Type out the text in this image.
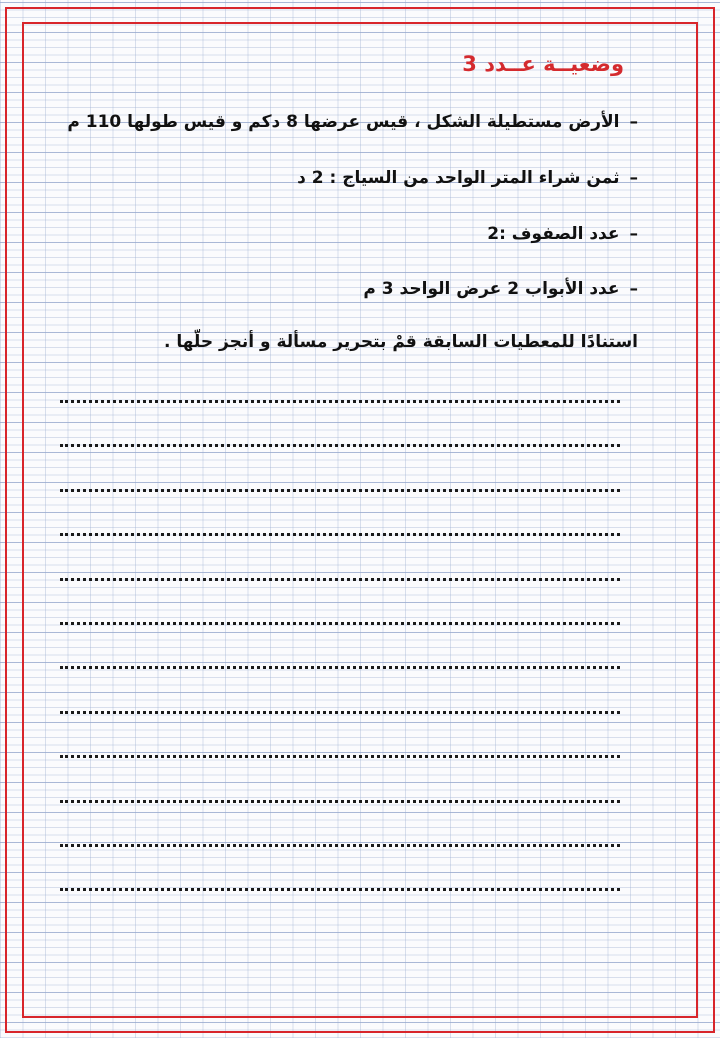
وضعيــة عــدد 3
–
الأرض مستطيلة الشكل ، قيس عرضها 8 دكم و قيس طولها 110 م
–
ثمن شراء المتر الواحد من السياج : 2 د
–
عدد الصفوف :2
–
عدد الأبواب 2 عرض الواحد 3 م
استنادًا للمعطيات السابقة قمْ بتحرير مسألة و أنجز حلّها .
